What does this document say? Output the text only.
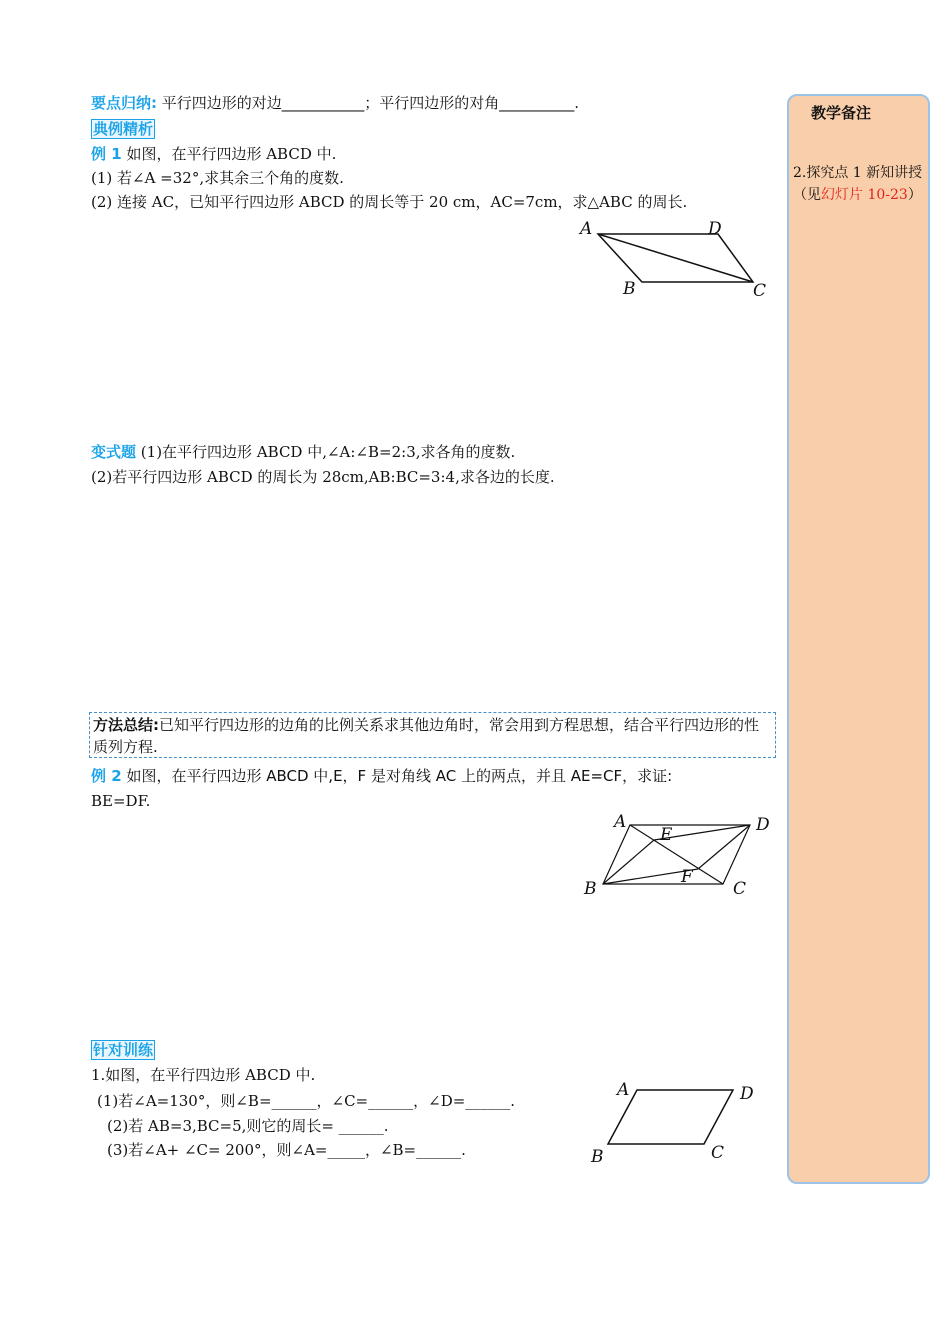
要点归纳: 平行四边形的对边___________；平行四边形的对角__________.
典例精析
例 1 如图，在平行四边形 ABCD 中.
(1) 若∠A =32°,求其余三个角的度数.
(2) 连接 AC，已知平行四边形 ABCD 的周长等于 20 cm，AC=7cm，求△ABC 的周长.
A	D
B	C
变式题 (1)在平行四边形 ABCD 中,∠A:∠B=2:3,求各角的度数.
(2)若平行四边形 ABCD 的周长为 28cm,AB:BC=3:4,求各边的长度.
方法总结:已知平行四边形的边角的比例关系求其他边角时，常会用到方程思想，结合平行四边形的性质列方程.
例 2 如图，在平行四边形 ABCD 中,E，F 是对角线 AC 上的两点，并且 AE=CF，求证:
BE=DF.
A
E	D
B
F
C
针对训练
1.如图，在平行四边形 ABCD 中.
(1)若∠A=130°，则∠B=______，∠C=______，∠D=______.
(2)若 AB=3,BC=5,则它的周长= ______.
(3)若∠A+ ∠C= 200°，则∠A=_____，∠B=______.
A	D
B	C
教学备注
2.探究点 1 新知讲授（见幻灯片 10-23）
